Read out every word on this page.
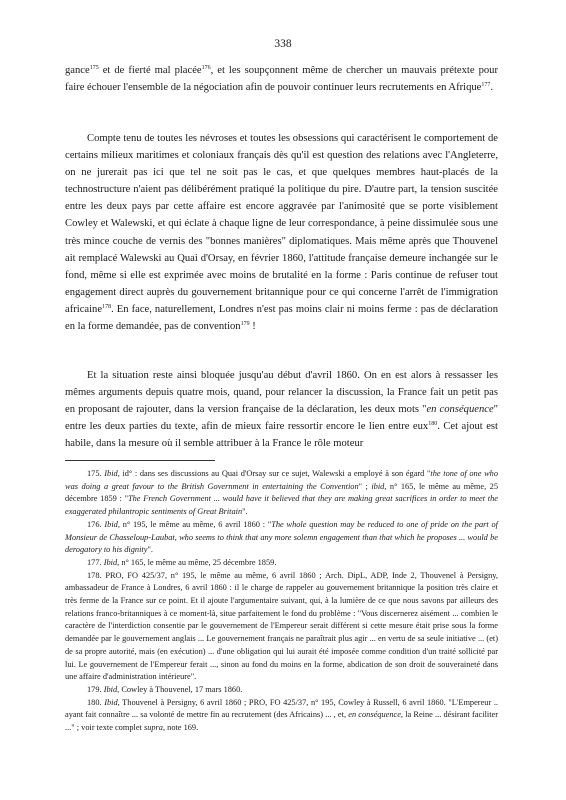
338
gance$^{175}$ et de fierté mal placée$^{176}$, et les soupçonnent même de chercher un mauvais prétexte pour faire échouer l'ensemble de la négociation afin de pouvoir continuer leurs recrutements en Afrique$^{177}$.
Compte tenu de toutes les névroses et toutes les obsessions qui caractérisent le comportement de certains milieux maritimes et coloniaux français dès qu'il est question des relations avec l'Angleterre, on ne jurerait pas ici que tel ne soit pas le cas, et que quelques membres haut-placés de la technostructure n'aient pas délibérément pratiqué la politique du pire. D'autre part, la tension suscitée entre les deux pays par cette affaire est encore aggravée par l'animosité que se porte visiblement Cowley et Walewski, et qui éclate à chaque ligne de leur correspondance, à peine dissimulée sous une très mince couche de vernis des "bonnes manières" diplomatiques. Mais même après que Thouvenel ait remplacé Walewski au Quai d'Orsay, en février 1860, l'attitude française demeure inchangée sur le fond, même si elle est exprimée avec moins de brutalité en la forme : Paris continue de refuser tout engagement direct auprès du gouvernement britannique pour ce qui concerne l'arrêt de l'immigration africaine$^{178}$. En face, naturellement, Londres n'est pas moins clair ni moins ferme : pas de déclaration en la forme demandée, pas de convention$^{179}$ !
Et la situation reste ainsi bloquée jusqu'au début d'avril 1860. On en est alors à ressasser les mêmes arguments depuis quatre mois, quand, pour relancer la discussion, la France fait un petit pas en proposant de rajouter, dans la version française de la déclaration, les deux mots "en conséquence" entre les deux parties du texte, afin de mieux faire ressortir encore le lien entre eux$^{180}$. Cet ajout est habile, dans la mesure où il semble attribuer à la France le rôle moteur

175. Ibid, id° : dans ses discussions au Quai d'Orsay sur ce sujet, Walewski a employé à son égard "the tone of one who was doing a great favour to the British Government in entertaining the Convention" ; ibid, n° 165, le même au même, 25 décembre 1859 : "The French Government ... would have it believed that they are making great sacrifices in order to meet the exaggerated philantropic sentiments of Great Britain".

176. Ibid, n° 195, le même au même, 6 avril 1860 : "The whole question may be reduced to one of pride on the part of Monsieur de Chasseloup-Laubat, who seems to think that any more solemn engagement than that which he proposes ... would be derogatory to his dignity".

177. Ibid, n° 165, le même au même, 25 décembre 1859.

178. PRO, FO 425/37, n° 195, le même au même, 6 avril 1860 ; Arch. DipL, ADP, Inde 2, Thouvenel à Persigny, ambassadeur de France à Londres, 6 avril 1860 : il le charge de rappeler au gouvernement britannique la position très claire et très ferme de la France sur ce point. Et il ajoute l'argumentaire suivant, qui, à la lumière de ce que nous savons par ailleurs des relations franco-britanniques à ce moment-là, situe parfaitement le fond du problème : "Vous discernerez aisément ... combien le caractère de l'interdiction consentie par le gouvernement de l'Empereur serait différent si cette mesure était prise sous la forme demandée par le gouvernement anglais ... Le gouvernement français ne paraîtrait plus agir ... en vertu de sa seule initiative ... (et) de sa propre autorité, mais (en exécution) ... d'une obligation qui lui aurait été imposée comme condition d'un traité sollicité par lui. Le gouvernement de l'Empereur ferait ..., sinon au fond du moins en la forme, abdication de son droit de souveraineté dans une affaire d'administration intérieure".

179. Ibid, Cowley à Thouvenel, 17 mars 1860.

180. Ibid, Thouvenel à Persigny, 6 avril 1860 ; PRO, FO 425/37, n° 195, Cowley à Russell, 6 avril 1860. "L'Empereur .. ayant fait connaître ... sa volonté de mettre fin au recrutement (des Africains) ... , et, en conséquence, la Reine ... désirant faciliter ..." ; voir texte complet supra, note 169.
